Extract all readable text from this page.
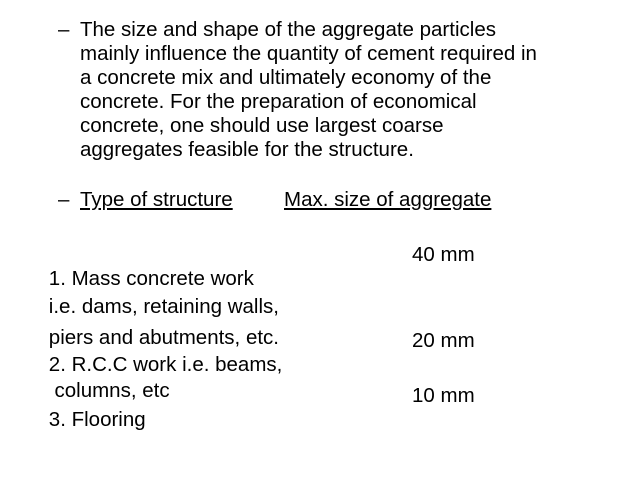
– The size and shape of the aggregate particles
mainly influence the quantity of cement required in
a concrete mix and ultimately economy of the
concrete. For the preparation of economical
concrete, one should use largest coarse
aggregates feasible for the structure.
– Type of structure	Max. size of aggregate

1. Mass concrete work

40 mm

i.e. dams, retaining walls,

piers and abutments, etc.

2. R.C.C work i.e. beams,

20 mm

columns, etc

3. Flooring

10 mm
